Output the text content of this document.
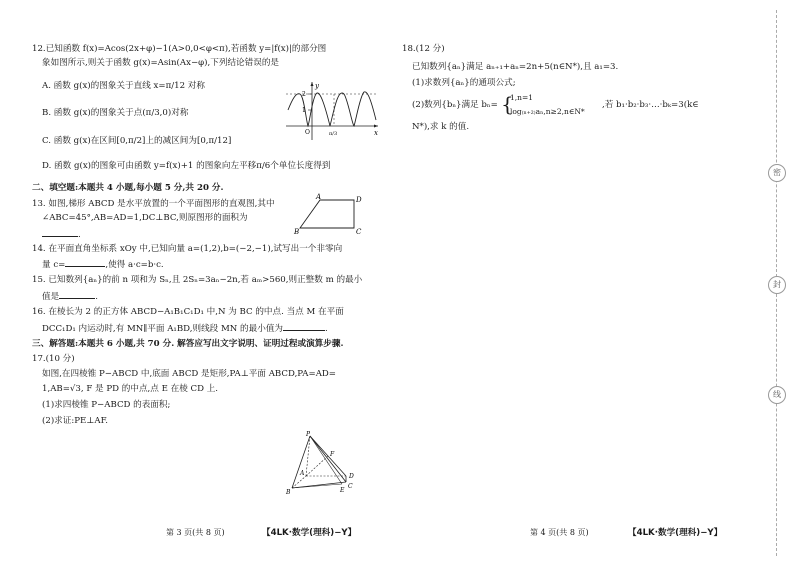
12.已知函数 f(x)=Acos(2x+φ)−1(A>0,0<φ<π),若函数 y=|f(x)|的部分图
象如图所示,则关于函数 g(x)=Asin(Ax−φ),下列结论错误的是
A. 函数 g(x)的图象关于直线 x=π/12 对称
B. 函数 g(x)的图象关于点(π/3,0)对称
C. 函数 g(x)在区间[0,π/2]上的减区间为[0,π/12]
y
x
O
2
1
π/3
D. 函数 g(x)的图象可由函数 y=f(x)+1 的图象向左平移π/6个单位长度得到
二、填空题:本题共 4 小题,每小题 5 分,共 20 分.
13. 如图,梯形 ABCD 是水平放置的一个平面图形的直观图,其中
∠ABC=45°,AB=AD=1,DC⊥BC,则原图形的面积为
.
A	D
B	C
14. 在平面直角坐标系 xOy 中,已知向量 a=(1,2),b=(−2,−1),试写出一个非零向
量 c=	,使得 a·c=b·c.
15. 已知数列{aₙ}的前 n 项和为 Sₙ,且 2Sₙ=3aₙ−2n,若 aₘ>560,则正整数 m 的最小
值是	.
16. 在棱长为 2 的正方体 ABCD−A₁B₁C₁D₁ 中,N 为 BC 的中点. 当点 M 在平面
DCC₁D₁ 内运动时,有 MN∥平面 A₁BD,则线段 MN 的最小值为	.
三、解答题:本题共 6 小题,共 70 分. 解答应写出文字说明、证明过程或演算步骤.
17.(10 分)
如图,在四棱锥 P−ABCD 中,底面 ABCD 是矩形,PA⊥平面 ABCD,PA=AD=
1,AB=√3, F 是 PD 的中点,点 E 在棱 CD 上.
(1)求四棱锥 P−ABCD 的表面积;
(2)求证:PE⊥AF.
P
F
A
B
D
C
E
第 3 页(共 8 页)	【4LK·数学(理科)−Y】
18.(12 分)
已知数列{aₙ}满足 aₙ₊₁+aₙ=2n+5(n∈N*),且 a₁=3.
(1)求数列{aₙ}的通项公式;
(2)数列{bₙ}满足 bₙ= {
1,n=1
log₍ₙ₊₂₎aₙ,n≥2,n∈N*
,若 b₁·b₂·b₃·…·bₖ=3(k∈
N*),求 k 的值.
第 4 页(共 8 页)	【4LK·数学(理科)−Y】
密
封
线
